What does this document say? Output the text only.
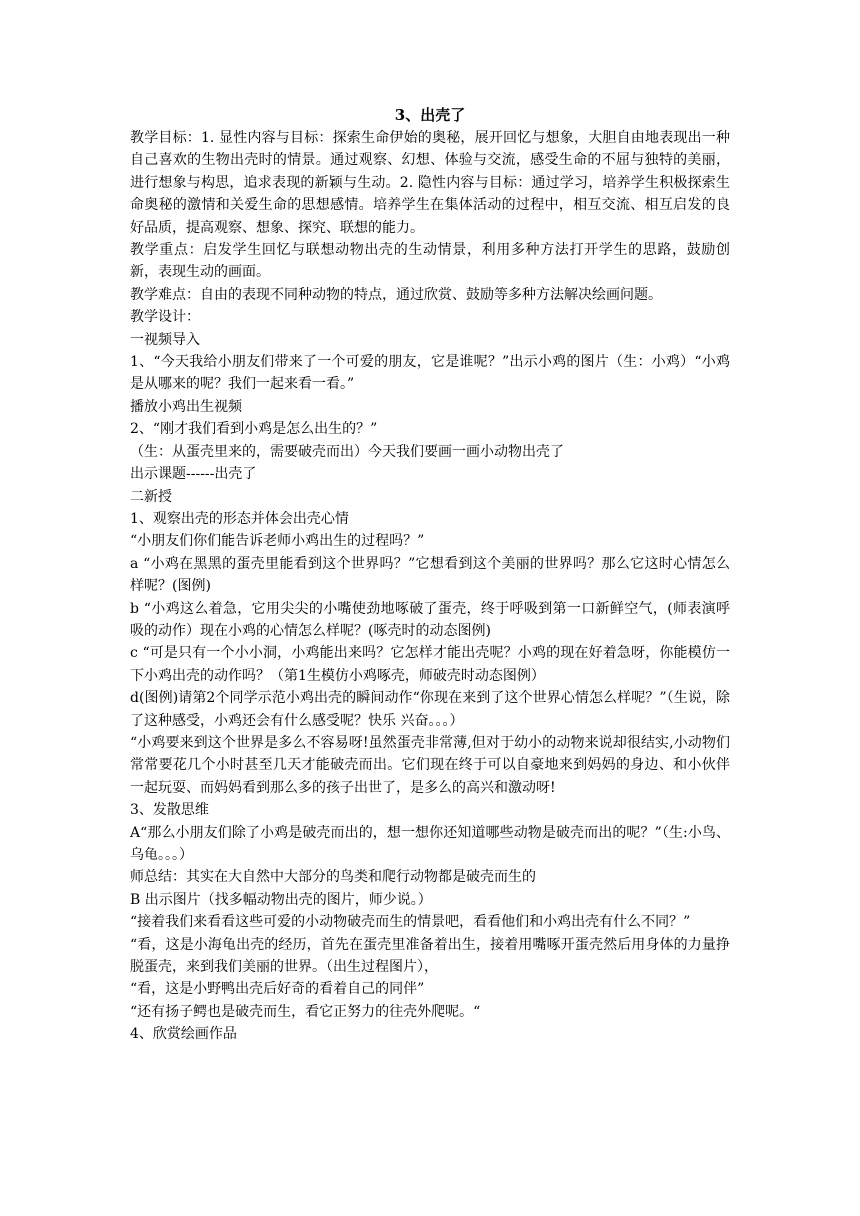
3、出壳了

教学目标：1. 显性内容与目标：探索生命伊始的奥秘，展开回忆与想象，大胆自由地表现出一种自己喜欢的生物出壳时的情景。通过观察、幻想、体验与交流，感受生命的不屈与独特的美丽，进行想象与构思，追求表现的新颖与生动。2. 隐性内容与目标：通过学习，培养学生积极探索生命奥秘的激情和关爱生命的思想感情。培养学生在集体活动的过程中，相互交流、相互启发的良好品质，提高观察、想象、探究、联想的能力。

教学重点：启发学生回忆与联想动物出壳的生动情景，利用多种方法打开学生的思路，鼓励创新，表现生动的画面。

教学难点：自由的表现不同种动物的特点，通过欣赏、鼓励等多种方法解决绘画问题。

教学设计：

一视频导入

1、“今天我给小朋友们带来了一个可爱的朋友，它是谁呢？”出示小鸡的图片（生：小鸡）“小鸡是从哪来的呢？我们一起来看一看。”

播放小鸡出生视频

2、“刚才我们看到小鸡是怎么出生的？”

（生：从蛋壳里来的，需要破壳而出）今天我们要画一画小动物出壳了

出示课题------出壳了

二新授

1、观察出壳的形态并体会出壳心情

“小朋友们你们能告诉老师小鸡出生的过程吗？”

a “小鸡在黑黑的蛋壳里能看到这个世界吗？”它想看到这个美丽的世界吗？那么它这时心情怎么样呢？(图例)

b “小鸡这么着急，它用尖尖的小嘴使劲地啄破了蛋壳，终于呼吸到第一口新鲜空气，(师表演呼吸的动作）现在小鸡的心情怎么样呢？(啄壳时的动态图例)

c “可是只有一个小小洞，小鸡能出来吗？它怎样才能出壳呢？小鸡的现在好着急呀，你能模仿一下小鸡出壳的动作吗？（第1生模仿小鸡啄壳，师破壳时动态图例）

d(图例)请第2个同学示范小鸡出壳的瞬间动作“你现在来到了这个世界心情怎么样呢？”（生说，除了这种感受，小鸡还会有什么感受呢？快乐 兴奋。。。）

“小鸡要来到这个世界是多么不容易呀!虽然蛋壳非常薄,但对于幼小的动物来说却很结实,小动物们常常要花几个小时甚至几天才能破壳而出。它们现在终于可以自豪地来到妈妈的身边、和小伙伴一起玩耍、而妈妈看到那么多的孩子出世了，是多么的高兴和激动呀!

3、发散思维

A“那么小朋友们除了小鸡是破壳而出的，想一想你还知道哪些动物是破壳而出的呢？”（生:小鸟、乌龟。。。）

师总结：其实在大自然中大部分的鸟类和爬行动物都是破壳而生的

B 出示图片（找多幅动物出壳的图片，师少说。）

“接着我们来看看这些可爱的小动物破壳而生的情景吧，看看他们和小鸡出壳有什么不同？”

“看，这是小海龟出壳的经历，首先在蛋壳里准备着出生，接着用嘴啄开蛋壳然后用身体的力量挣脱蛋壳，来到我们美丽的世界。（出生过程图片），

“看，这是小野鸭出壳后好奇的看着自己的同伴”

“还有扬子鳄也是破壳而生，看它正努力的往壳外爬呢。“

4、欣赏绘画作品
